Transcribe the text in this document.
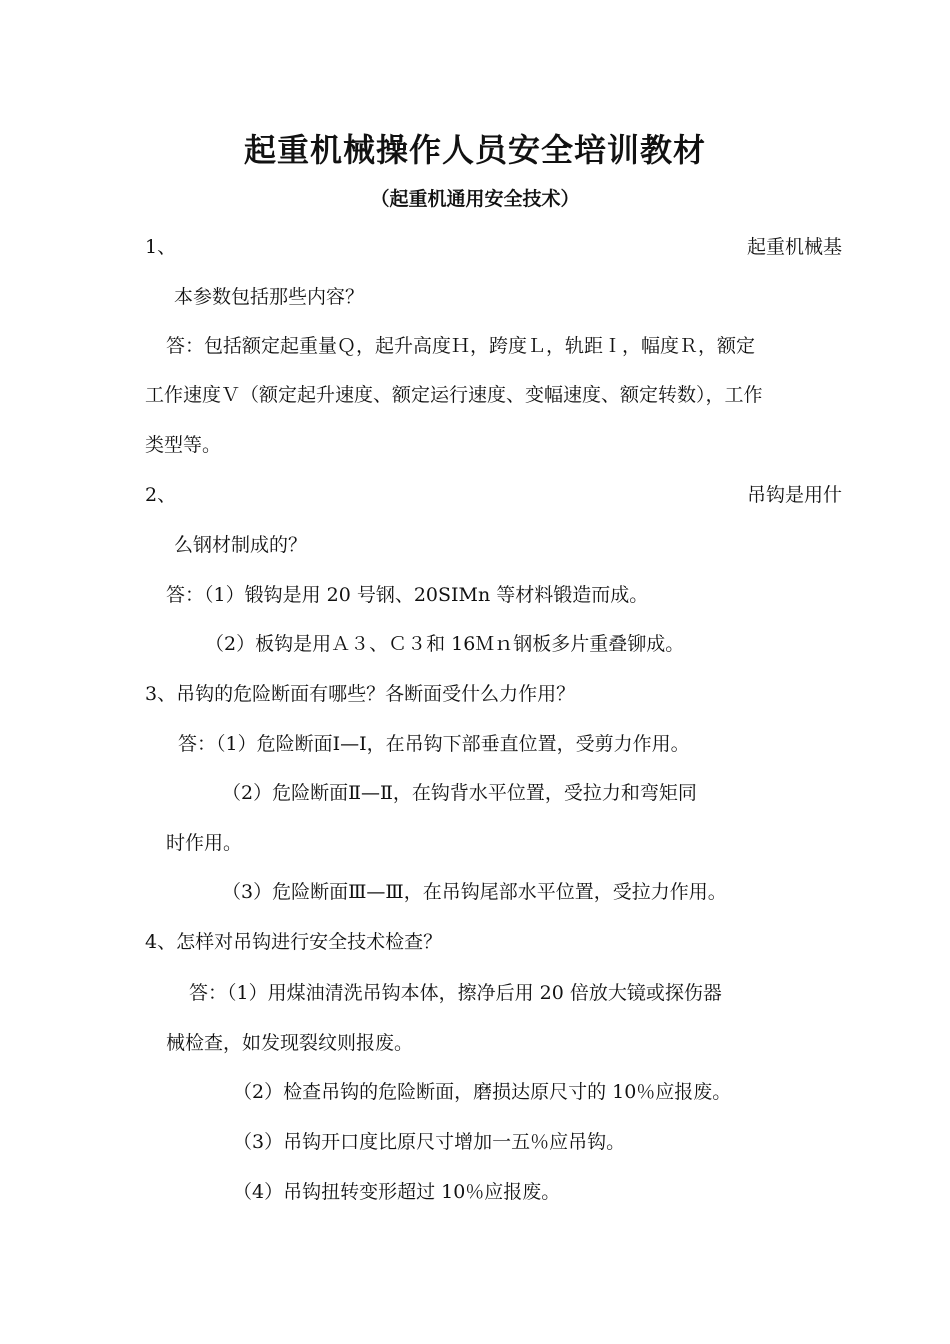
起重机械操作人员安全培训教材
（起重机通用安全技术）
1、	起重机械基
本参数包括那些内容？
答：包括额定起重量Ｑ，起升高度Ｈ，跨度Ｌ，轨距Ｉ，幅度Ｒ，额定
工作速度Ｖ（额定起升速度、额定运行速度、变幅速度、额定转数），工作
类型等。
2、	吊钩是用什
么钢材制成的？
答：（1）锻钩是用 20 号钢、20SIMn 等材料锻造而成。
（2）板钩是用Ａ３、Ｃ３和 16Ｍｎ钢板多片重叠铆成。
3、吊钩的危险断面有哪些？各断面受什么力作用？
答：（1）危险断面Ⅰ—Ⅰ，在吊钩下部垂直位置，受剪力作用。
（2）危险断面Ⅱ—Ⅱ，在钩背水平位置，受拉力和弯矩同
时作用。
（3）危险断面Ⅲ—Ⅲ，在吊钩尾部水平位置，受拉力作用。
4、怎样对吊钩进行安全技术检查？
答：（1）用煤油清洗吊钩本体，擦净后用 20 倍放大镜或探伤器
械检查，如发现裂纹则报废。
（2）检查吊钩的危险断面，磨损达原尺寸的 10％应报废。
（3）吊钩开口度比原尺寸增加一五％应吊钩。
（4）吊钩扭转变形超过 10％应报废。
